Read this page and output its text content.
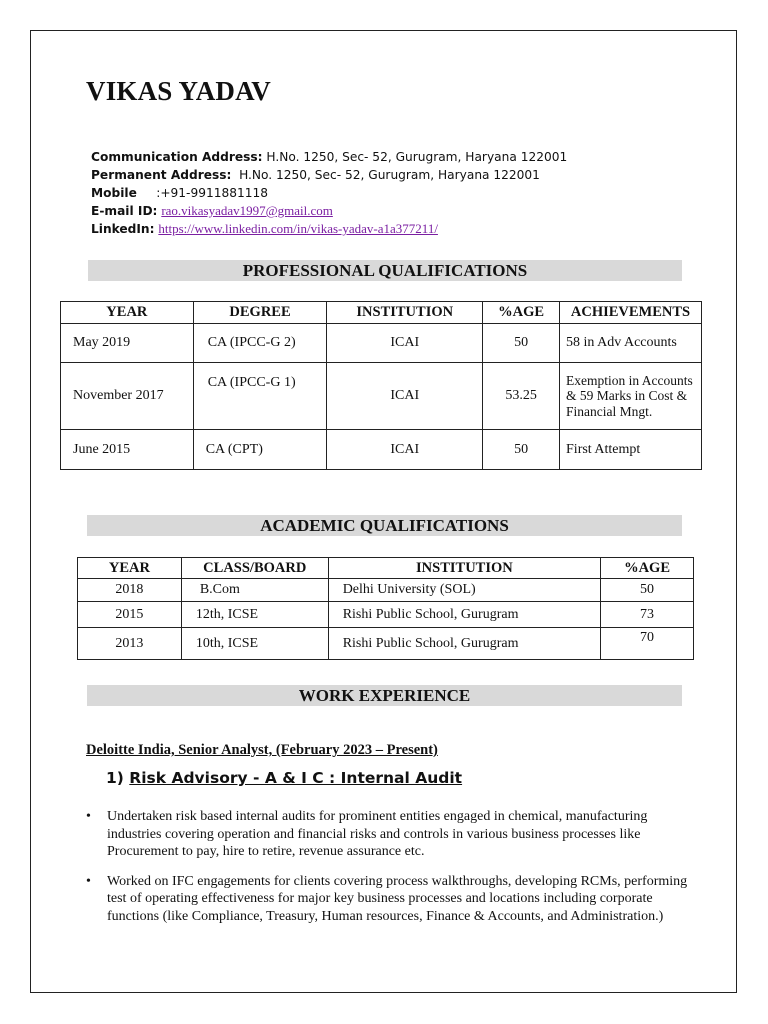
VIKAS YADAV
Communication Address: H.No. 1250, Sec- 52, Gurugram, Haryana 122001
Permanent Address: H.No. 1250, Sec- 52, Gurugram, Haryana 122001
Mobile :+91-9911881118
E-mail ID: rao.vikasyadav1997@gmail.com
LinkedIn: https://www.linkedin.com/in/vikas-yadav-a1a377211/
PROFESSIONAL QUALIFICATIONS
YEAR	DEGREE	INSTITUTION	%AGE	ACHIEVEMENTS
May 2019	CA (IPCC-G 2)	ICAI	50	58 in Adv Accounts
November 2017	CA (IPCC-G 1)	ICAI	53.25	Exemption in Accounts & 59 Marks in Cost & Financial Mngt.
June 2015	CA (CPT)	ICAI	50	First Attempt
ACADEMIC QUALIFICATIONS
YEAR	CLASS/BOARD	INSTITUTION	%AGE
2018	B.Com	Delhi University (SOL)	50
2015	12th, ICSE	Rishi Public School, Gurugram	73
2013	10th, ICSE	Rishi Public School, Gurugram	70
WORK EXPERIENCE
Deloitte India, Senior Analyst, (February 2023 – Present)
1) Risk Advisory - A & I C : Internal Audit
• Undertaken risk based internal audits for prominent entities engaged in chemical, manufacturing industries covering operation and financial risks and controls in various business processes like Procurement to pay, hire to retire, revenue assurance etc.
• Worked on IFC engagements for clients covering process walkthroughs, developing RCMs, performing test of operating effectiveness for major key business processes and locations including corporate functions (like Compliance, Treasury, Human resources, Finance & Accounts, and Administration.)
